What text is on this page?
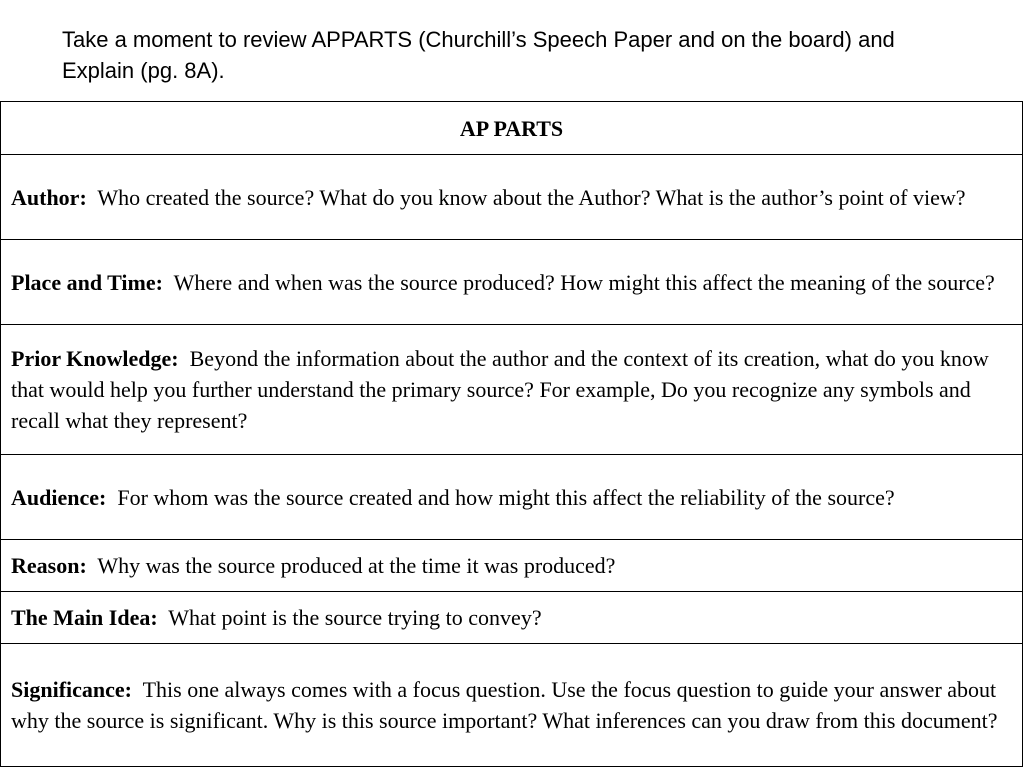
Take a moment to review APPARTS (Churchill’s Speech Paper and on the board) and Explain (pg. 8A).
AP PARTS
Author: Who created the source? What do you know about the Author? What is the author’s point of view?
Place and Time: Where and when was the source produced? How might this affect the meaning of the source?
Prior Knowledge: Beyond the information about the author and the context of its creation, what do you know that would help you further understand the primary source? For example, Do you recognize any symbols and recall what they represent?
Audience: For whom was the source created and how might this affect the reliability of the source?
Reason: Why was the source produced at the time it was produced?
The Main Idea: What point is the source trying to convey?
Significance: This one always comes with a focus question. Use the focus question to guide your answer about why the source is significant. Why is this source important? What inferences can you draw from this document?
